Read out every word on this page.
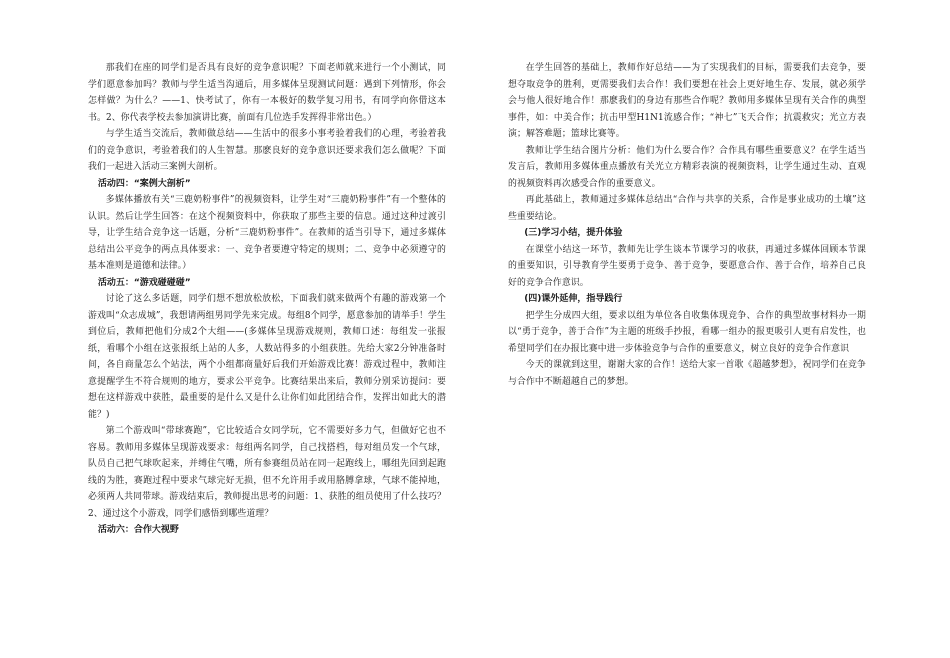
那我们在座的同学们是否具有良好的竞争意识呢？下面老师就来进行一个小测试，同学们愿意参加吗？教师与学生适当沟通后，用多媒体呈现测试问题：遇到下列情形，你会怎样做？为什么？——1、快考试了，你有一本极好的数学复习用书，有同学向你借这本书。2、你代表学校去参加演讲比赛，前面有几位选手发挥得非常出色。）

与学生适当交流后，教师做总结——生活中的很多小事考验着我们的心理，考验着我们的竞争意识，考验着我们的人生智慧。那麽良好的竞争意识还要求我们怎么做呢？下面我们一起进入活动三案例大剖析。

活动四：“案例大剖析”

多媒体播放有关“三鹿奶粉事件”的视频资料，让学生对“三鹿奶粉事件”有一个整体的认识。然后让学生回答：在这个视频资料中，你获取了那些主要的信息。通过这种过渡引导，让学生结合竞争这一话题，分析“三鹿奶粉事件”。在教师的适当引导下，通过多媒体总结出公平竞争的两点具体要求：一、竞争者要遵守特定的规则；二、竞争中必须遵守的基本准则是道德和法律。）

活动五：“游戏碰碰碰”

讨论了这么多话题，同学们想不想放松放松，下面我们就来做两个有趣的游戏第一个游戏叫“众志成城”，我想请两组男同学先来完成。每组8个同学，愿意参加的请举手！学生到位后，教师把他们分成2个大组——(多媒体呈现游戏规则，教师口述：每组发一张报纸，看哪个小组在这张报纸上站的人多，人数站得多的小组获胜。先给大家2分钟准备时间，各自商量怎么个站法，两个小组都商量好后我们开始游戏比赛！游戏过程中，教师注意提醒学生不符合规则的地方，要求公平竞争。比赛结果出来后，教师分别采访提问：要想在这样游戏中获胜，最重要的是什么又是什么让你们如此团结合作，发挥出如此大的潜能？)

第二个游戏叫“带球赛跑”，它比较适合女同学玩，它不需要好多力气，但做好它也不容易。教师用多媒体呈现游戏要求：每组两名同学，自己找搭档，每对组员发一个气球，队员自己把气球吹起来，并缚住气嘴，所有参赛组员站在同一起跑线上，哪组先回到起跑线的为胜，赛跑过程中要求气球完好无损，但不允许用手或用胳膊拿球，气球不能掉地，必须两人共同带球。游戏结束后，教师提出思考的问题：1、获胜的组员使用了什么技巧？2、通过这个小游戏，同学们感悟到哪些道理？

活动六：合作大视野

在学生回答的基础上，教师作好总结——为了实现我们的目标，需要我们去竞争，要想夺取竞争的胜利，更需要我们去合作！我们要想在社会上更好地生存、发展，就必须学会与他人很好地合作！那麽我们的身边有那些合作呢？教师用多媒体呈现有关合作的典型事件，如：中美合作；抗击甲型H1N1流感合作；“神七”飞天合作；抗震救灾；光立方表演；解答难题；篮球比赛等。

教师让学生结合图片分析：他们为什么要合作？合作具有哪些重要意义？在学生适当发言后，教师用多媒体重点播放有关光立方精彩表演的视频资料，让学生通过生动、直观的视频资料再次感受合作的重要意义。

再此基础上，教师通过多媒体总结出“合作与共享的关系，合作是事业成功的土壤”这些重要结论。

(三)学习小结，提升体验

在课堂小结这一环节，教师先让学生谈本节课学习的收获，再通过多媒体回顾本节课的重要知识，引导教育学生要勇于竞争、善于竞争，要愿意合作、善于合作，培养自己良好的竞争合作意识。

(四)课外延伸，指导践行

把学生分成四大组，要求以组为单位各自收集体现竞争、合作的典型故事材料办一期以“勇于竞争，善于合作”为主题的班级手抄报，看哪一组办的报更吸引人更有启发性，也希望同学们在办报比赛中进一步体验竞争与合作的重要意义，树立良好的竞争合作意识

今天的课就到这里，谢谢大家的合作！送给大家一首歌《超越梦想》，祝同学们在竞争与合作中不断超越自己的梦想。
